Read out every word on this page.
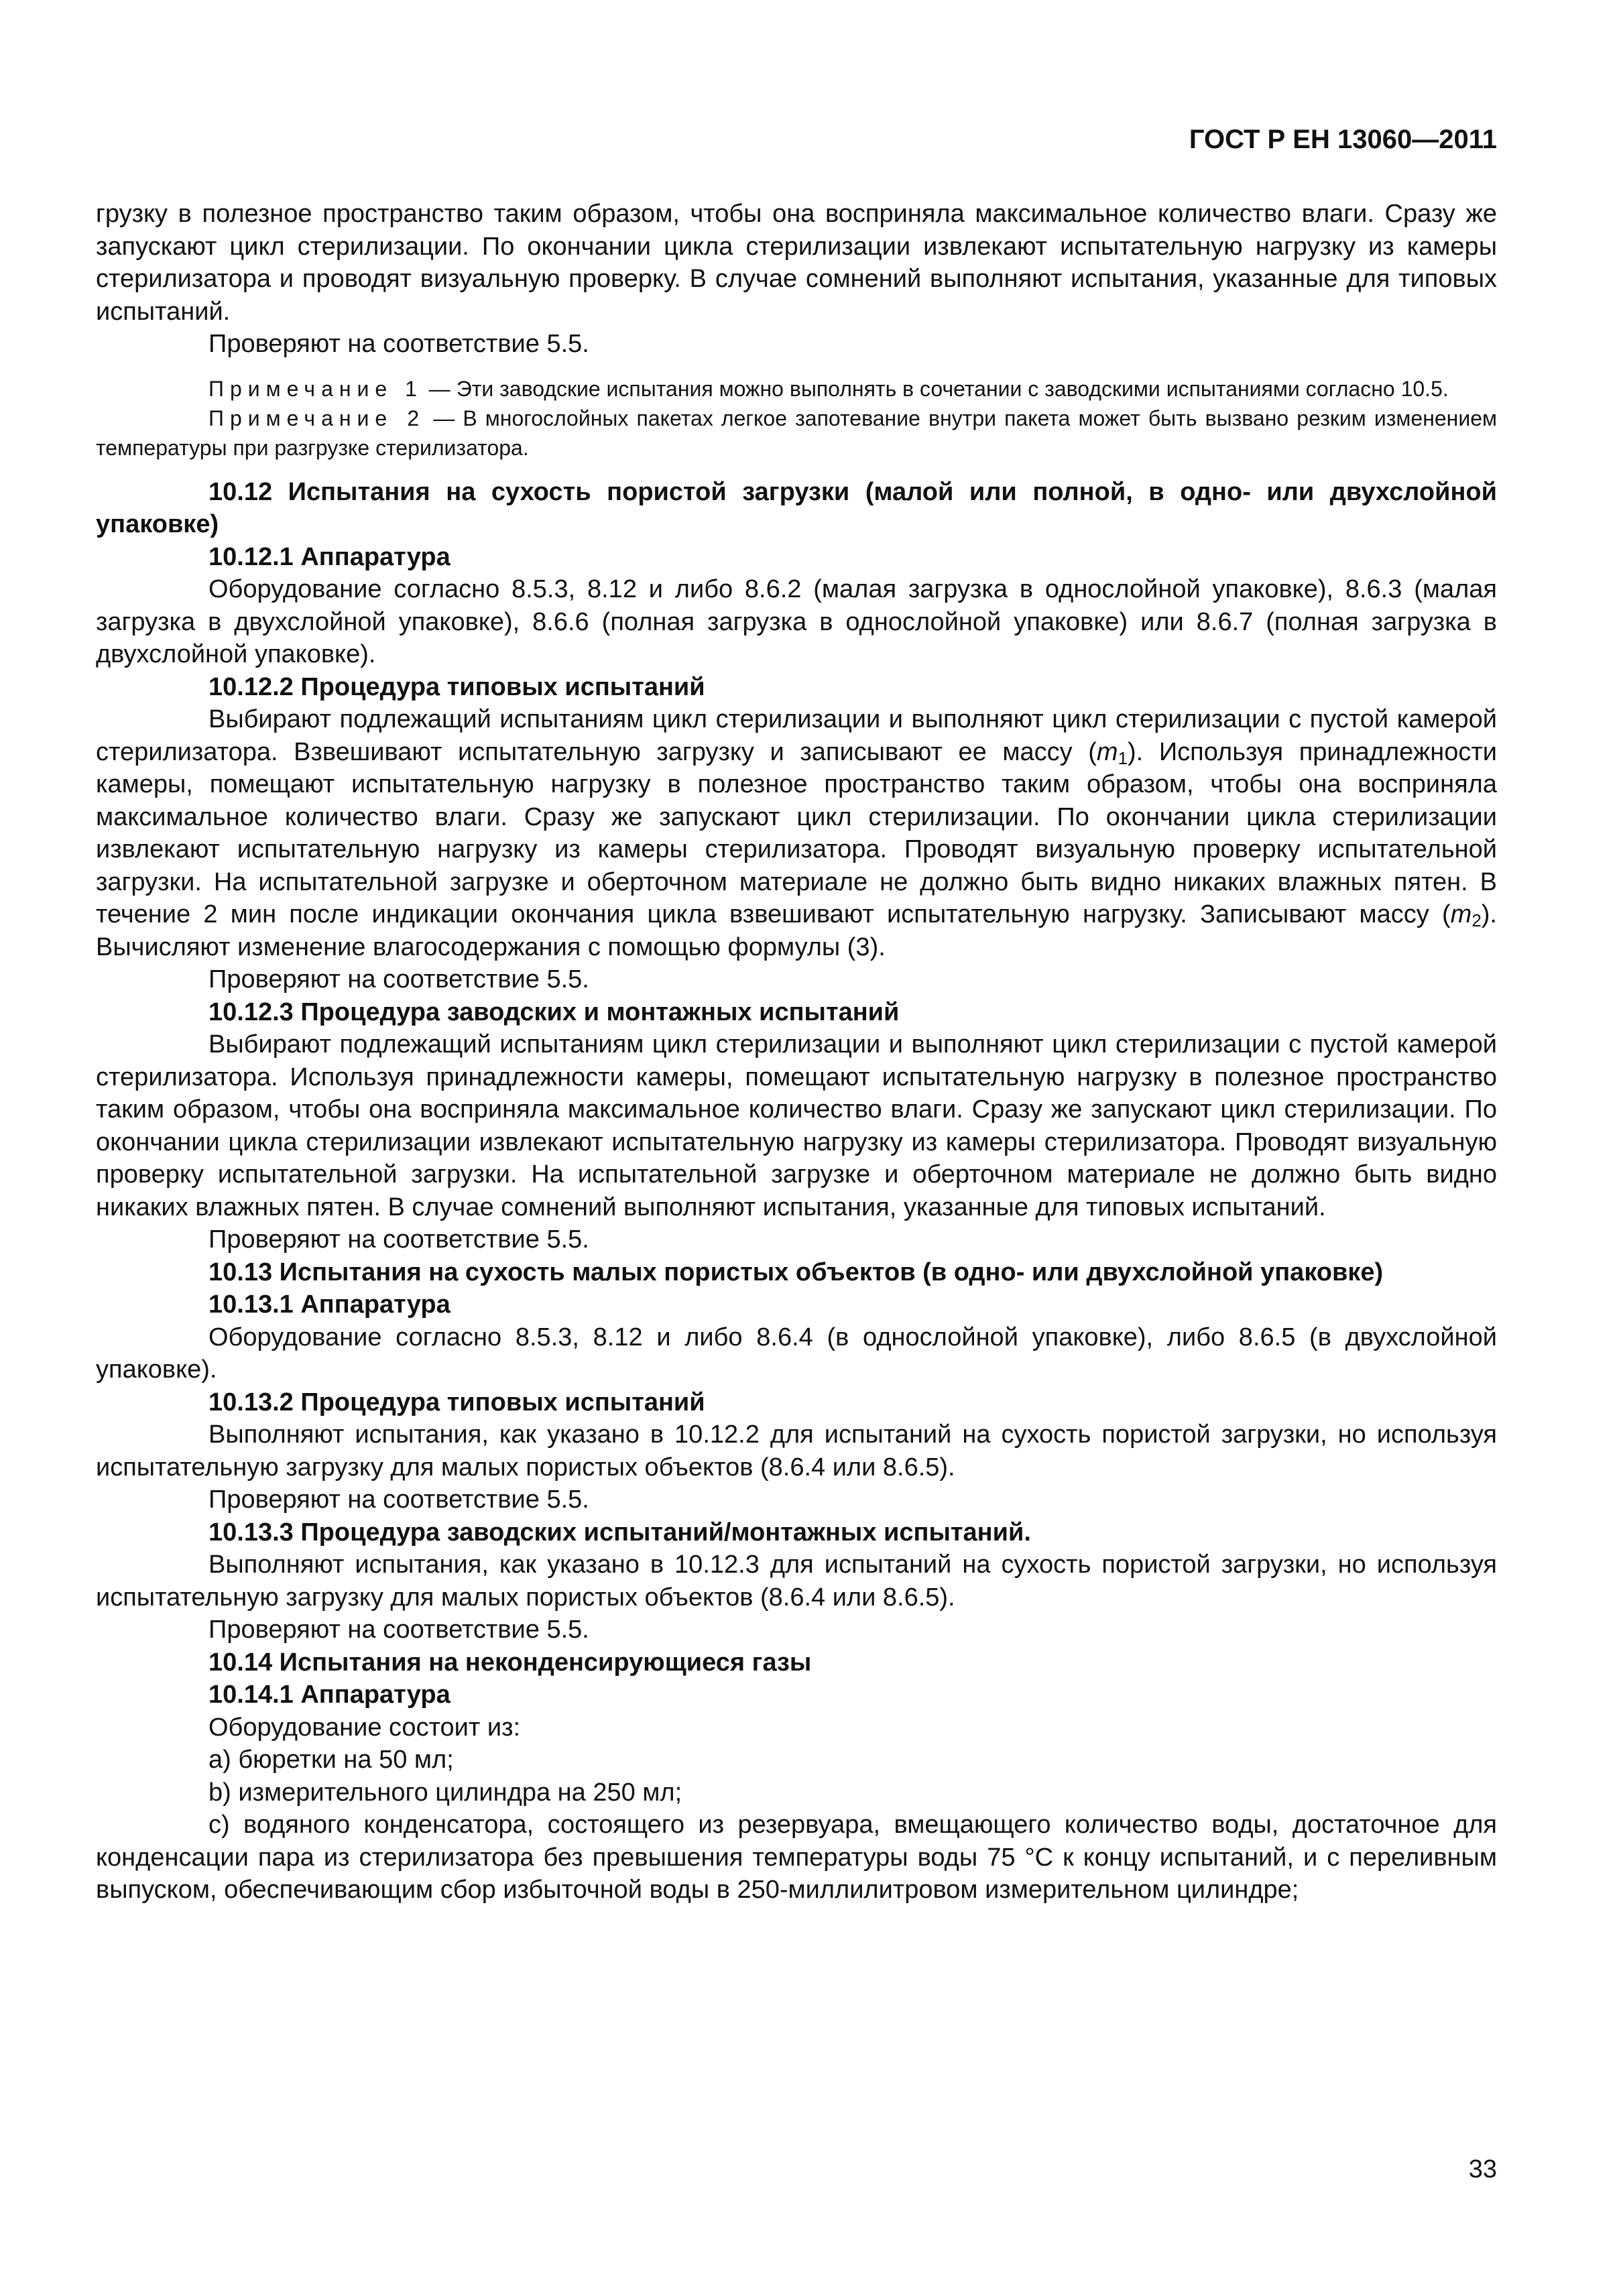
ГОСТ Р ЕН 13060—2011

грузку в полезное пространство таким образом, чтобы она восприняла максимальное количество влаги. Сразу же запускают цикл стерилизации. По окончании цикла стерилизации извлекают испытательную нагрузку из камеры стерилизатора и проводят визуальную проверку. В случае сомнений выполняют испытания, указанные для типовых испытаний.

Проверяют на соответствие 5.5.

Примечание 1 — Эти заводские испытания можно выполнять в сочетании с заводскими испытаниями согласно 10.5.

Примечание 2 — В многослойных пакетах легкое запотевание внутри пакета может быть вызвано резким изменением температуры при разгрузке стерилизатора.

10.12 Испытания на сухость пористой загрузки (малой или полной, в одно- или двухслойной упаковке)

10.12.1 Аппаратура

Оборудование согласно 8.5.3, 8.12 и либо 8.6.2 (малая загрузка в однослойной упаковке), 8.6.3 (малая загрузка в двухслойной упаковке), 8.6.6 (полная загрузка в однослойной упаковке) или 8.6.7 (полная загрузка в двухслойной упаковке).

10.12.2 Процедура типовых испытаний

Выбирают подлежащий испытаниям цикл стерилизации и выполняют цикл стерилизации с пустой камерой стерилизатора. Взвешивают испытательную загрузку и записывают ее массу $(m_1)$. Используя принадлежности камеры, помещают испытательную нагрузку в полезное пространство таким образом, чтобы она восприняла максимальное количество влаги. Сразу же запускают цикл стерилизации. По окончании цикла стерилизации извлекают испытательную нагрузку из камеры стерилизатора. Проводят визуальную проверку испытательной загрузки. На испытательной загрузке и оберточном материале не должно быть видно никаких влажных пятен. В течение 2 мин после индикации окончания цикла взвешивают испытательную нагрузку. Записывают массу $(m_2)$. Вычисляют изменение влагосодержания с помощью формулы (3).

Проверяют на соответствие 5.5.

10.12.3 Процедура заводских и монтажных испытаний

Выбирают подлежащий испытаниям цикл стерилизации и выполняют цикл стерилизации с пустой камерой стерилизатора. Используя принадлежности камеры, помещают испытательную нагрузку в полезное пространство таким образом, чтобы она восприняла максимальное количество влаги. Сразу же запускают цикл стерилизации. По окончании цикла стерилизации извлекают испытательную нагрузку из камеры стерилизатора. Проводят визуальную проверку испытательной загрузки. На испытательной загрузке и оберточном материале не должно быть видно никаких влажных пятен. В случае сомнений выполняют испытания, указанные для типовых испытаний.

Проверяют на соответствие 5.5.

10.13 Испытания на сухость малых пористых объектов (в одно- или двухслойной упаковке)

10.13.1 Аппаратура

Оборудование согласно 8.5.3, 8.12 и либо 8.6.4 (в однослойной упаковке), либо 8.6.5 (в двухслойной упаковке).

10.13.2 Процедура типовых испытаний

Выполняют испытания, как указано в 10.12.2 для испытаний на сухость пористой загрузки, но используя испытательную загрузку для малых пористых объектов (8.6.4 или 8.6.5).

Проверяют на соответствие 5.5.

10.13.3 Процедура заводских испытаний/монтажных испытаний.

Выполняют испытания, как указано в 10.12.3 для испытаний на сухость пористой загрузки, но используя испытательную загрузку для малых пористых объектов (8.6.4 или 8.6.5).

Проверяют на соответствие 5.5.

10.14 Испытания на неконденсирующиеся газы

10.14.1 Аппаратура

Оборудование состоит из:

a) бюретки на 50 мл;

b) измерительного цилиндра на 250 мл;

c) водяного конденсатора, состоящего из резервуара, вмещающего количество воды, достаточное для конденсации пара из стерилизатора без превышения температуры воды 75 °С к концу испытаний, и с переливным выпуском, обеспечивающим сбор избыточной воды в 250-миллилитровом измерительном цилиндре;

33
